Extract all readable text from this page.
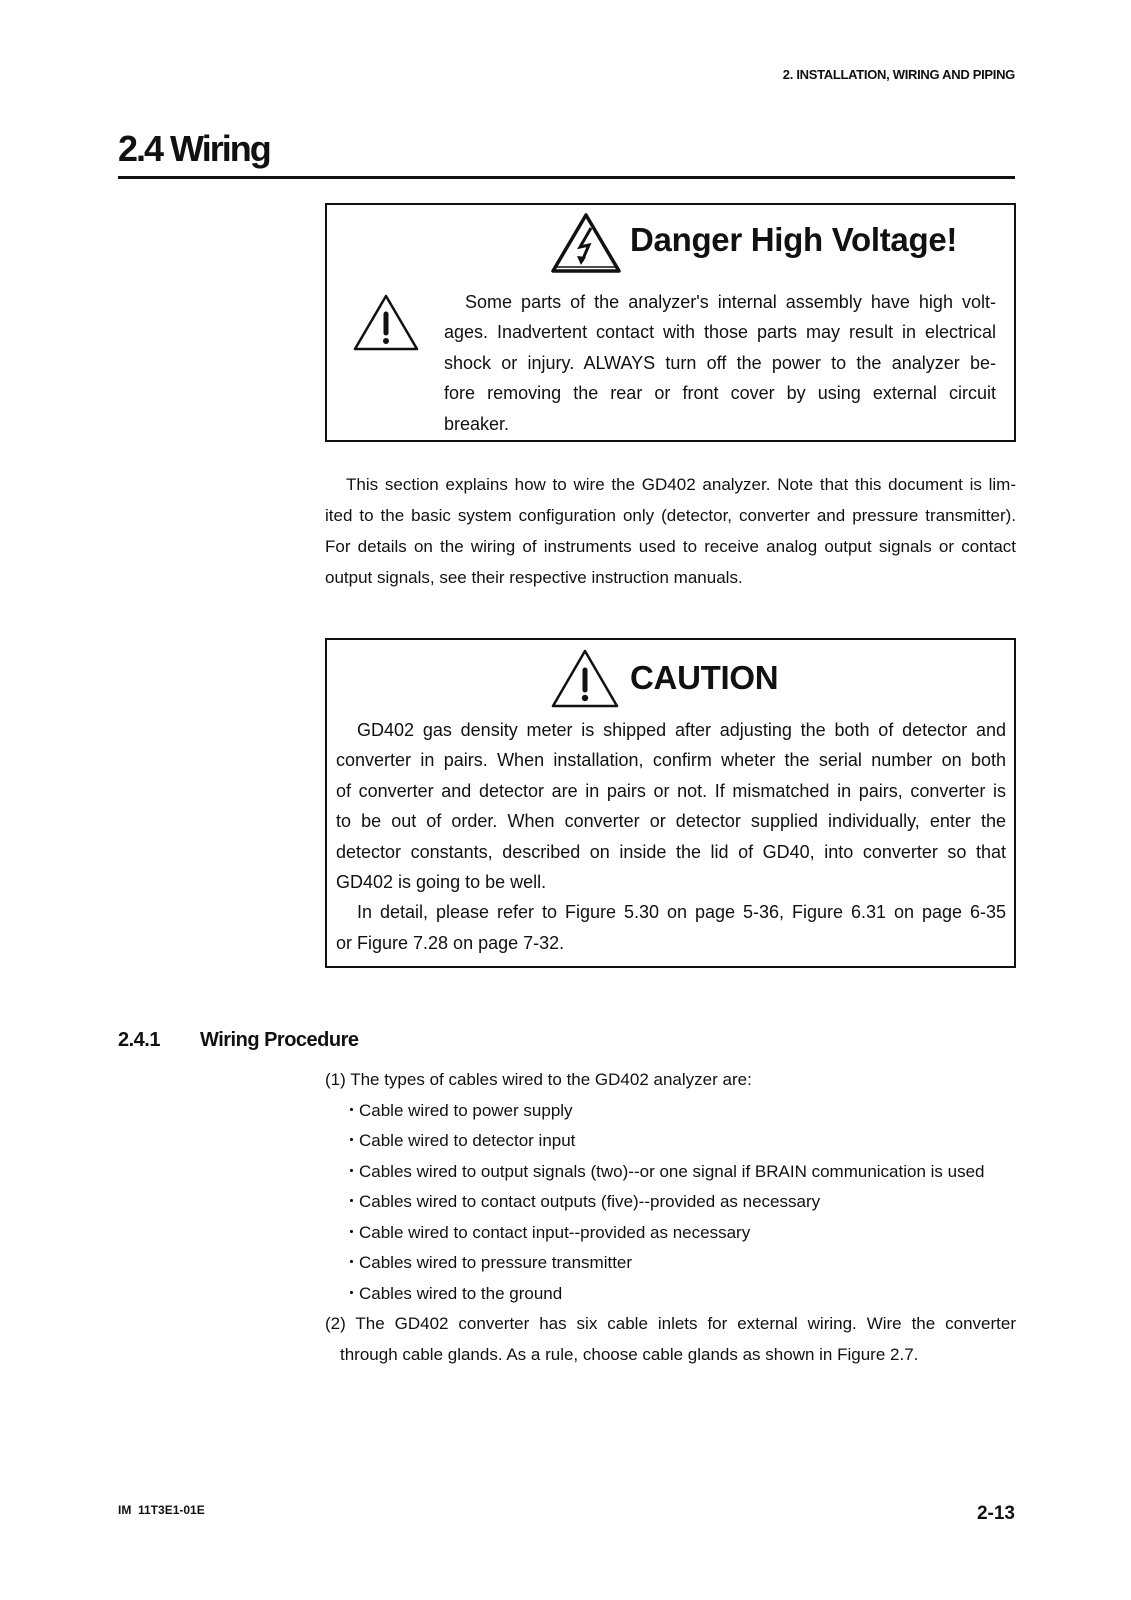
2. INSTALLATION, WIRING AND PIPING
2.4 Wiring
Danger High Voltage!
Some parts of the analyzer's internal assembly have high volt-
ages. Inadvertent contact with those parts may result in electrical
shock or injury. ALWAYS turn off the power to the analyzer be-
fore removing the rear or front cover by using external circuit
breaker.
This section explains how to wire the GD402 analyzer. Note that this document is lim-
ited to the basic system configuration only (detector, converter and pressure transmitter).
For details on the wiring of instruments used to receive analog output signals or contact
output signals, see their respective instruction manuals.
CAUTION
GD402 gas density meter is shipped after adjusting the both of detector and
converter in pairs. When installation, confirm wheter the serial number on both
of converter and detector are in pairs or not. If mismatched in pairs, converter is
to be out of order. When converter or detector supplied individually, enter the
detector constants, described on inside the lid of GD40, into converter so that
GD402 is going to be well.
In detail, please refer to Figure 5.30 on page 5-36, Figure 6.31 on page 6-35
or Figure 7.28 on page 7-32.
2.4.1 Wiring Procedure
(1) The types of cables wired to the GD402 analyzer are:
・ Cable wired to power supply
・ Cable wired to detector input
・ Cables wired to output signals (two)--or one signal if BRAIN communication is used
・ Cables wired to contact outputs (five)--provided as necessary
・ Cable wired to contact input--provided as necessary
・ Cables wired to pressure transmitter
・ Cables wired to the ground
(2) The GD402 converter has six cable inlets for external wiring. Wire the converter
through cable glands. As a rule, choose cable glands as shown in Figure 2.7.
IM  11T3E1-01E	2-13
